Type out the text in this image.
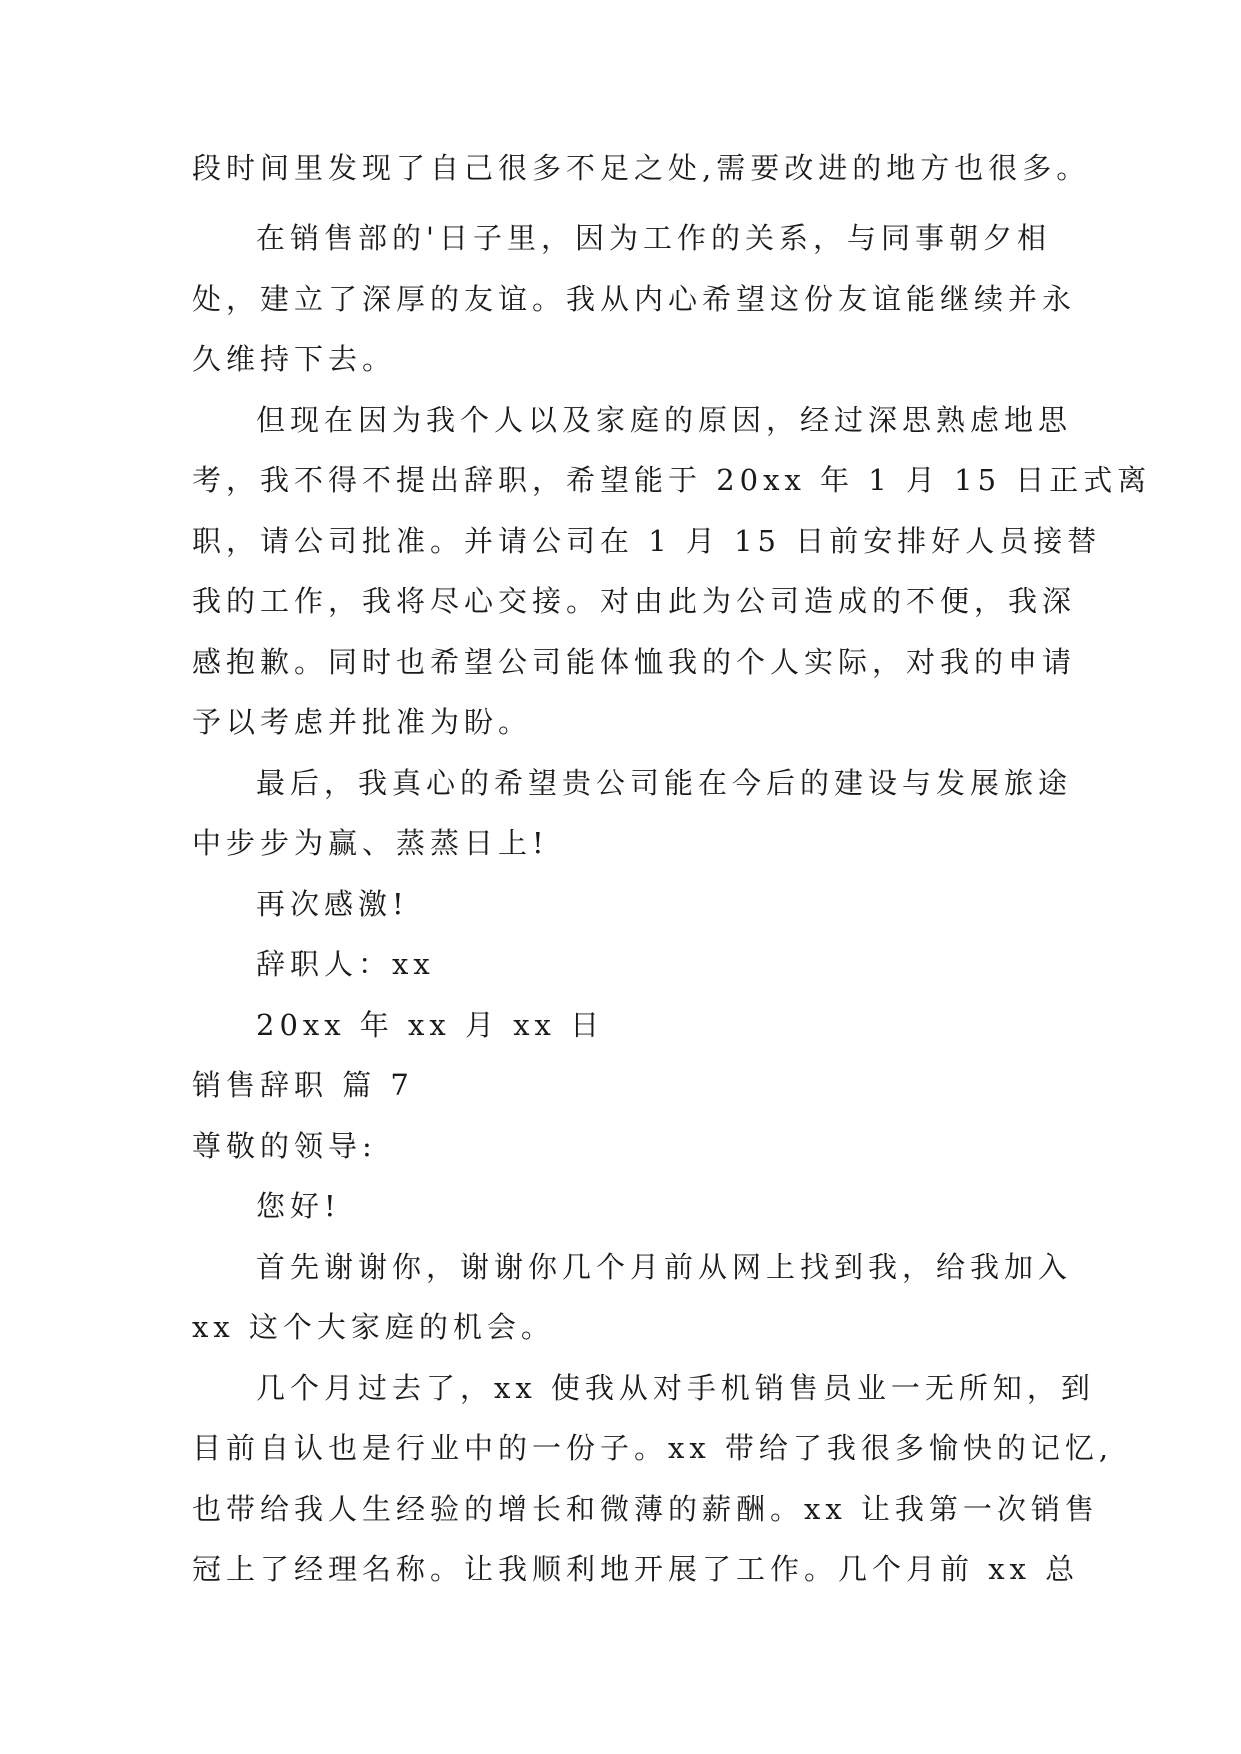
段时间里发现了自己很多不足之处,需要改进的地方也很多。
在销售部的'日子里，因为工作的关系，与同事朝夕相
处，建立了深厚的友谊。我从内心希望这份友谊能继续并永
久维持下去。
但现在因为我个人以及家庭的原因，经过深思熟虑地思
考，我不得不提出辞职，希望能于 20xx 年 1 月 15 日正式离
职，请公司批准。并请公司在 1 月 15 日前安排好人员接替
我的工作，我将尽心交接。对由此为公司造成的不便，我深
感抱歉。同时也希望公司能体恤我的个人实际，对我的申请
予以考虑并批准为盼。
最后，我真心的希望贵公司能在今后的建设与发展旅途
中步步为赢、蒸蒸日上!
再次感激!
辞职人：xx
20xx 年 xx 月 xx 日
销售辞职 篇 7
尊敬的领导:
您好!
首先谢谢你，谢谢你几个月前从网上找到我，给我加入
xx 这个大家庭的机会。
几个月过去了，xx 使我从对手机销售员业一无所知，到
目前自认也是行业中的一份子。xx 带给了我很多愉快的记忆,
也带给我人生经验的增长和微薄的薪酬。xx 让我第一次销售
冠上了经理名称。让我顺利地开展了工作。几个月前 xx 总
